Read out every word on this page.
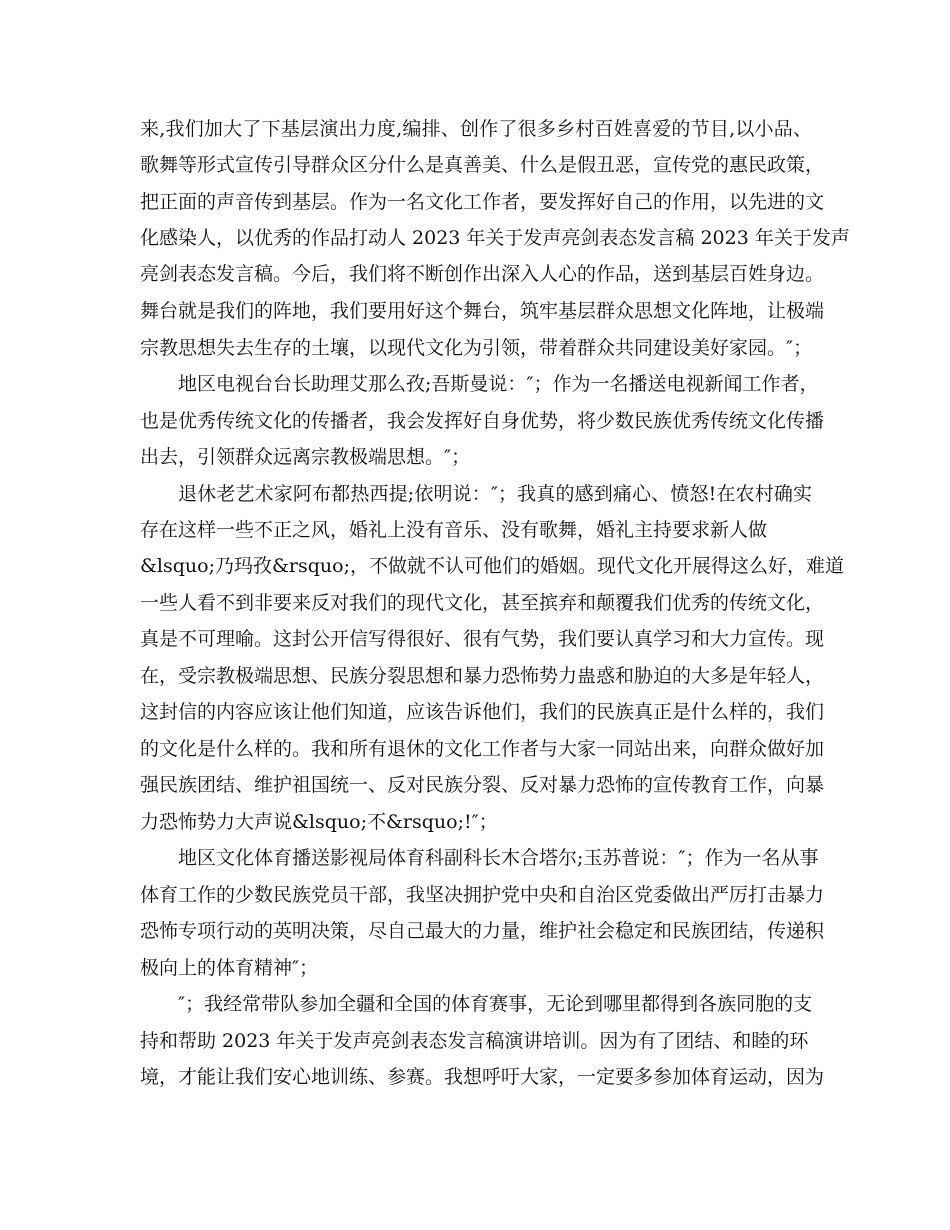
来,我们加大了下基层演出力度,编排、创作了很多乡村百姓喜爱的节目,以小品、
歌舞等形式宣传引导群众区分什么是真善美、什么是假丑恶，宣传党的惠民政策，
把正面的声音传到基层。作为一名文化工作者，要发挥好自己的作用，以先进的文
化感染人，以优秀的作品打动人 2023 年关于发声亮剑表态发言稿 2023 年关于发声
亮剑表态发言稿。今后，我们将不断创作出深入人心的作品，送到基层百姓身边。
舞台就是我们的阵地，我们要用好这个舞台，筑牢基层群众思想文化阵地，让极端
宗教思想失去生存的土壤，以现代文化为引领，带着群众共同建设美好家园。″；
地区电视台台长助理艾那么孜;吾斯曼说：″；作为一名播送电视新闻工作者，
也是优秀传统文化的传播者，我会发挥好自身优势，将少数民族优秀传统文化传播
出去，引领群众远离宗教极端思想。″；
退休老艺术家阿布都热西提;依明说：″；我真的感到痛心、愤怒!在农村确实
存在这样一些不正之风，婚礼上没有音乐、没有歌舞，婚礼主持要求新人做
&lsquo;乃玛孜&rsquo;，不做就不认可他们的婚姻。现代文化开展得这么好，难道
一些人看不到非要来反对我们的现代文化，甚至摈弃和颠覆我们优秀的传统文化，
真是不可理喻。这封公开信写得很好、很有气势，我们要认真学习和大力宣传。现
在，受宗教极端思想、民族分裂思想和暴力恐怖势力蛊惑和胁迫的大多是年轻人，
这封信的内容应该让他们知道，应该告诉他们，我们的民族真正是什么样的，我们
的文化是什么样的。我和所有退休的文化工作者与大家一同站出来，向群众做好加
强民族团结、维护祖国统一、反对民族分裂、反对暴力恐怖的宣传教育工作，向暴
力恐怖势力大声说&lsquo;不&rsquo;!″；
地区文化体育播送影视局体育科副科长木合塔尔;玉苏普说：″；作为一名从事
体育工作的少数民族党员干部，我坚决拥护党中央和自治区党委做出严厉打击暴力
恐怖专项行动的英明决策，尽自己最大的力量，维护社会稳定和民族团结，传递积
极向上的体育精神″；
″；我经常带队参加全疆和全国的体育赛事，无论到哪里都得到各族同胞的支
持和帮助 2023 年关于发声亮剑表态发言稿演讲培训。因为有了团结、和睦的环
境，才能让我们安心地训练、参赛。我想呼吁大家，一定要多参加体育运动，因为
